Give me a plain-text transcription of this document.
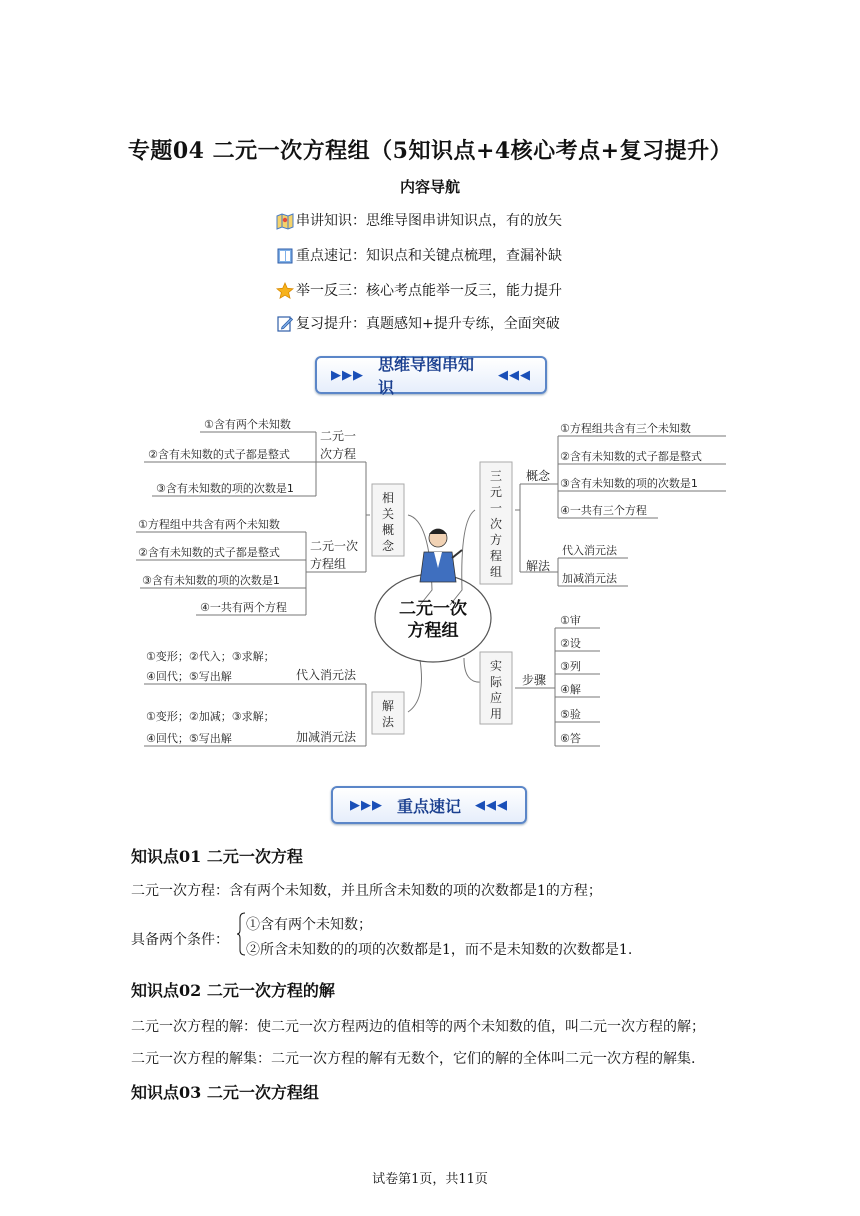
专题04 二元一次方程组（5知识点+4核心考点+复习提升）
内容导航
串讲知识：思维导图串讲知识点，有的放矢
重点速记：知识点和关键点梳理，查漏补缺
举一反三：核心考点能举一反三，能力提升
复习提升：真题感知+提升专练，全面突破
▶▶▶
思维导图串知识
◀◀◀
相
关
概
念
解
法
三
元
一
次
方
程
组
实
际
应
用
二元一次
方程组
二元一
次方程
①含有两个未知数
②含有未知数的式子都是整式
③含有未知数的项的次数是1
二元一次
方程组
①方程组中共含有两个未知数
②含有未知数的式子都是整式
③含有未知数的项的次数是1
④一共有两个方程
代入消元法
①变形；②代入；③求解；
④回代；⑤写出解
加减消元法
①变形；②加减；③求解；
④回代；⑤写出解
概念
①方程组共含有三个未知数
②含有未知数的式子都是整式
③含有未知数的项的次数是1
④一共有三个方程
解法
代入消元法
加减消元法
步骤
①审
②设
③列
④解
⑤验
⑥答
▶▶▶ 重点速记 ◀◀◀
知识点01 二元一次方程
二元一次方程：含有两个未知数，并且所含未知数的项的次数都是1的方程；
具备两个条件：
①含有两个未知数；
②所含未知数的的项的次数都是1，而不是未知数的次数都是1.
知识点02 二元一次方程的解
二元一次方程的解：使二元一次方程两边的值相等的两个未知数的值，叫二元一次方程的解；
二元一次方程的解集：二元一次方程的解有无数个，它们的解的全体叫二元一次方程的解集.
知识点03 二元一次方程组
试卷第1页，共11页
